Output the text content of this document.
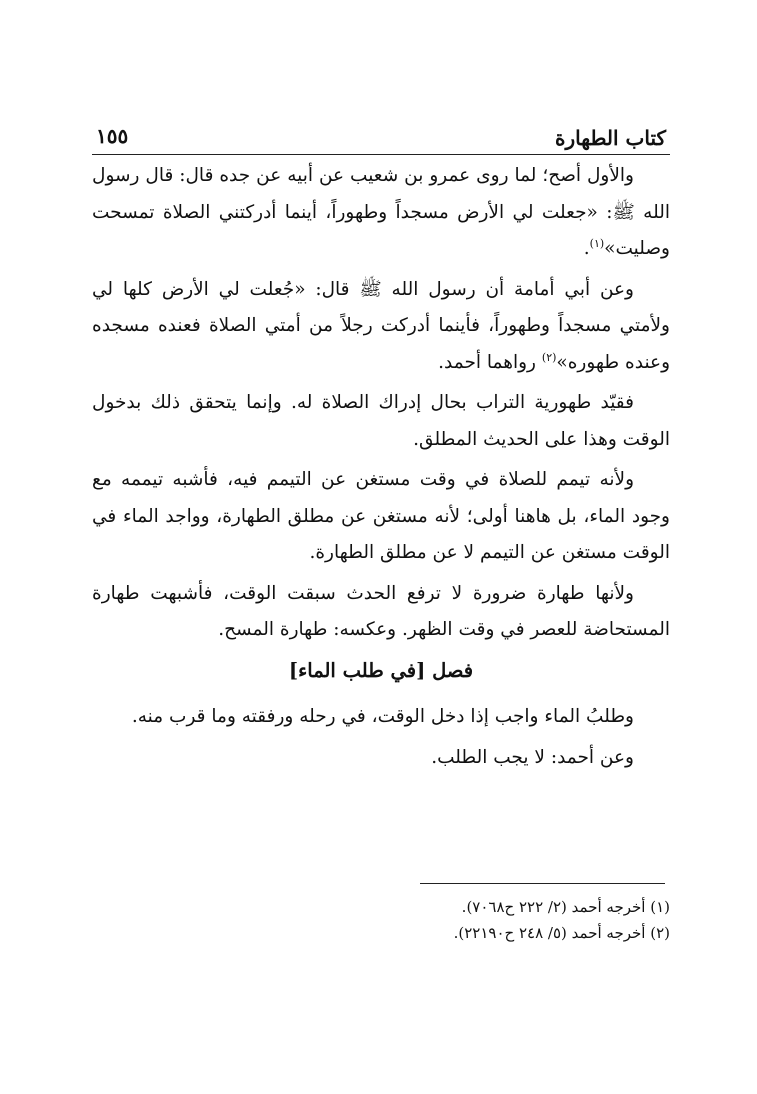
كتاب الطهارة
١٥٥

والأول أصح؛ لما روى عمرو بن شعيب عن أبيه عن جده قال: قال رسول الله ﷺ: «جعلت لي الأرض مسجداً وطهوراً، أينما أدركتني الصلاة تمسحت وصليت»$^{(١)}$.

وعن أبي أمامة أن رسول الله ﷺ قال: «جُعلت لي الأرض كلها لي ولأمتي مسجداً وطهوراً، فأينما أدركت رجلاً من أمتي الصلاة فعنده مسجده وعنده طهوره»$^{(٢)}$ رواهما أحمد.

فقيّد طهورية التراب بحال إدراك الصلاة له. وإنما يتحقق ذلك بدخول الوقت وهذا على الحديث المطلق.

ولأنه تيمم للصلاة في وقت مستغن عن التيمم فيه، فأشبه تيممه مع وجود الماء، بل هاهنا أولى؛ لأنه مستغن عن مطلق الطهارة، وواجد الماء في الوقت مستغن عن التيمم لا عن مطلق الطهارة.

ولأنها طهارة ضرورة لا ترفع الحدث سبقت الوقت، فأشبهت طهارة المستحاضة للعصر في وقت الظهر. وعكسه: طهارة المسح.

فصل [في طلب الماء]

وطلبُ الماء واجب إذا دخل الوقت، في رحله ورفقته وما قرب منه.

وعن أحمد: لا يجب الطلب.

(١) أخرجه أحمد (٢/ ٢٢٢ ح٧٠٦٨).

(٢) أخرجه أحمد (٥/ ٢٤٨ ح٢٢١٩٠).
